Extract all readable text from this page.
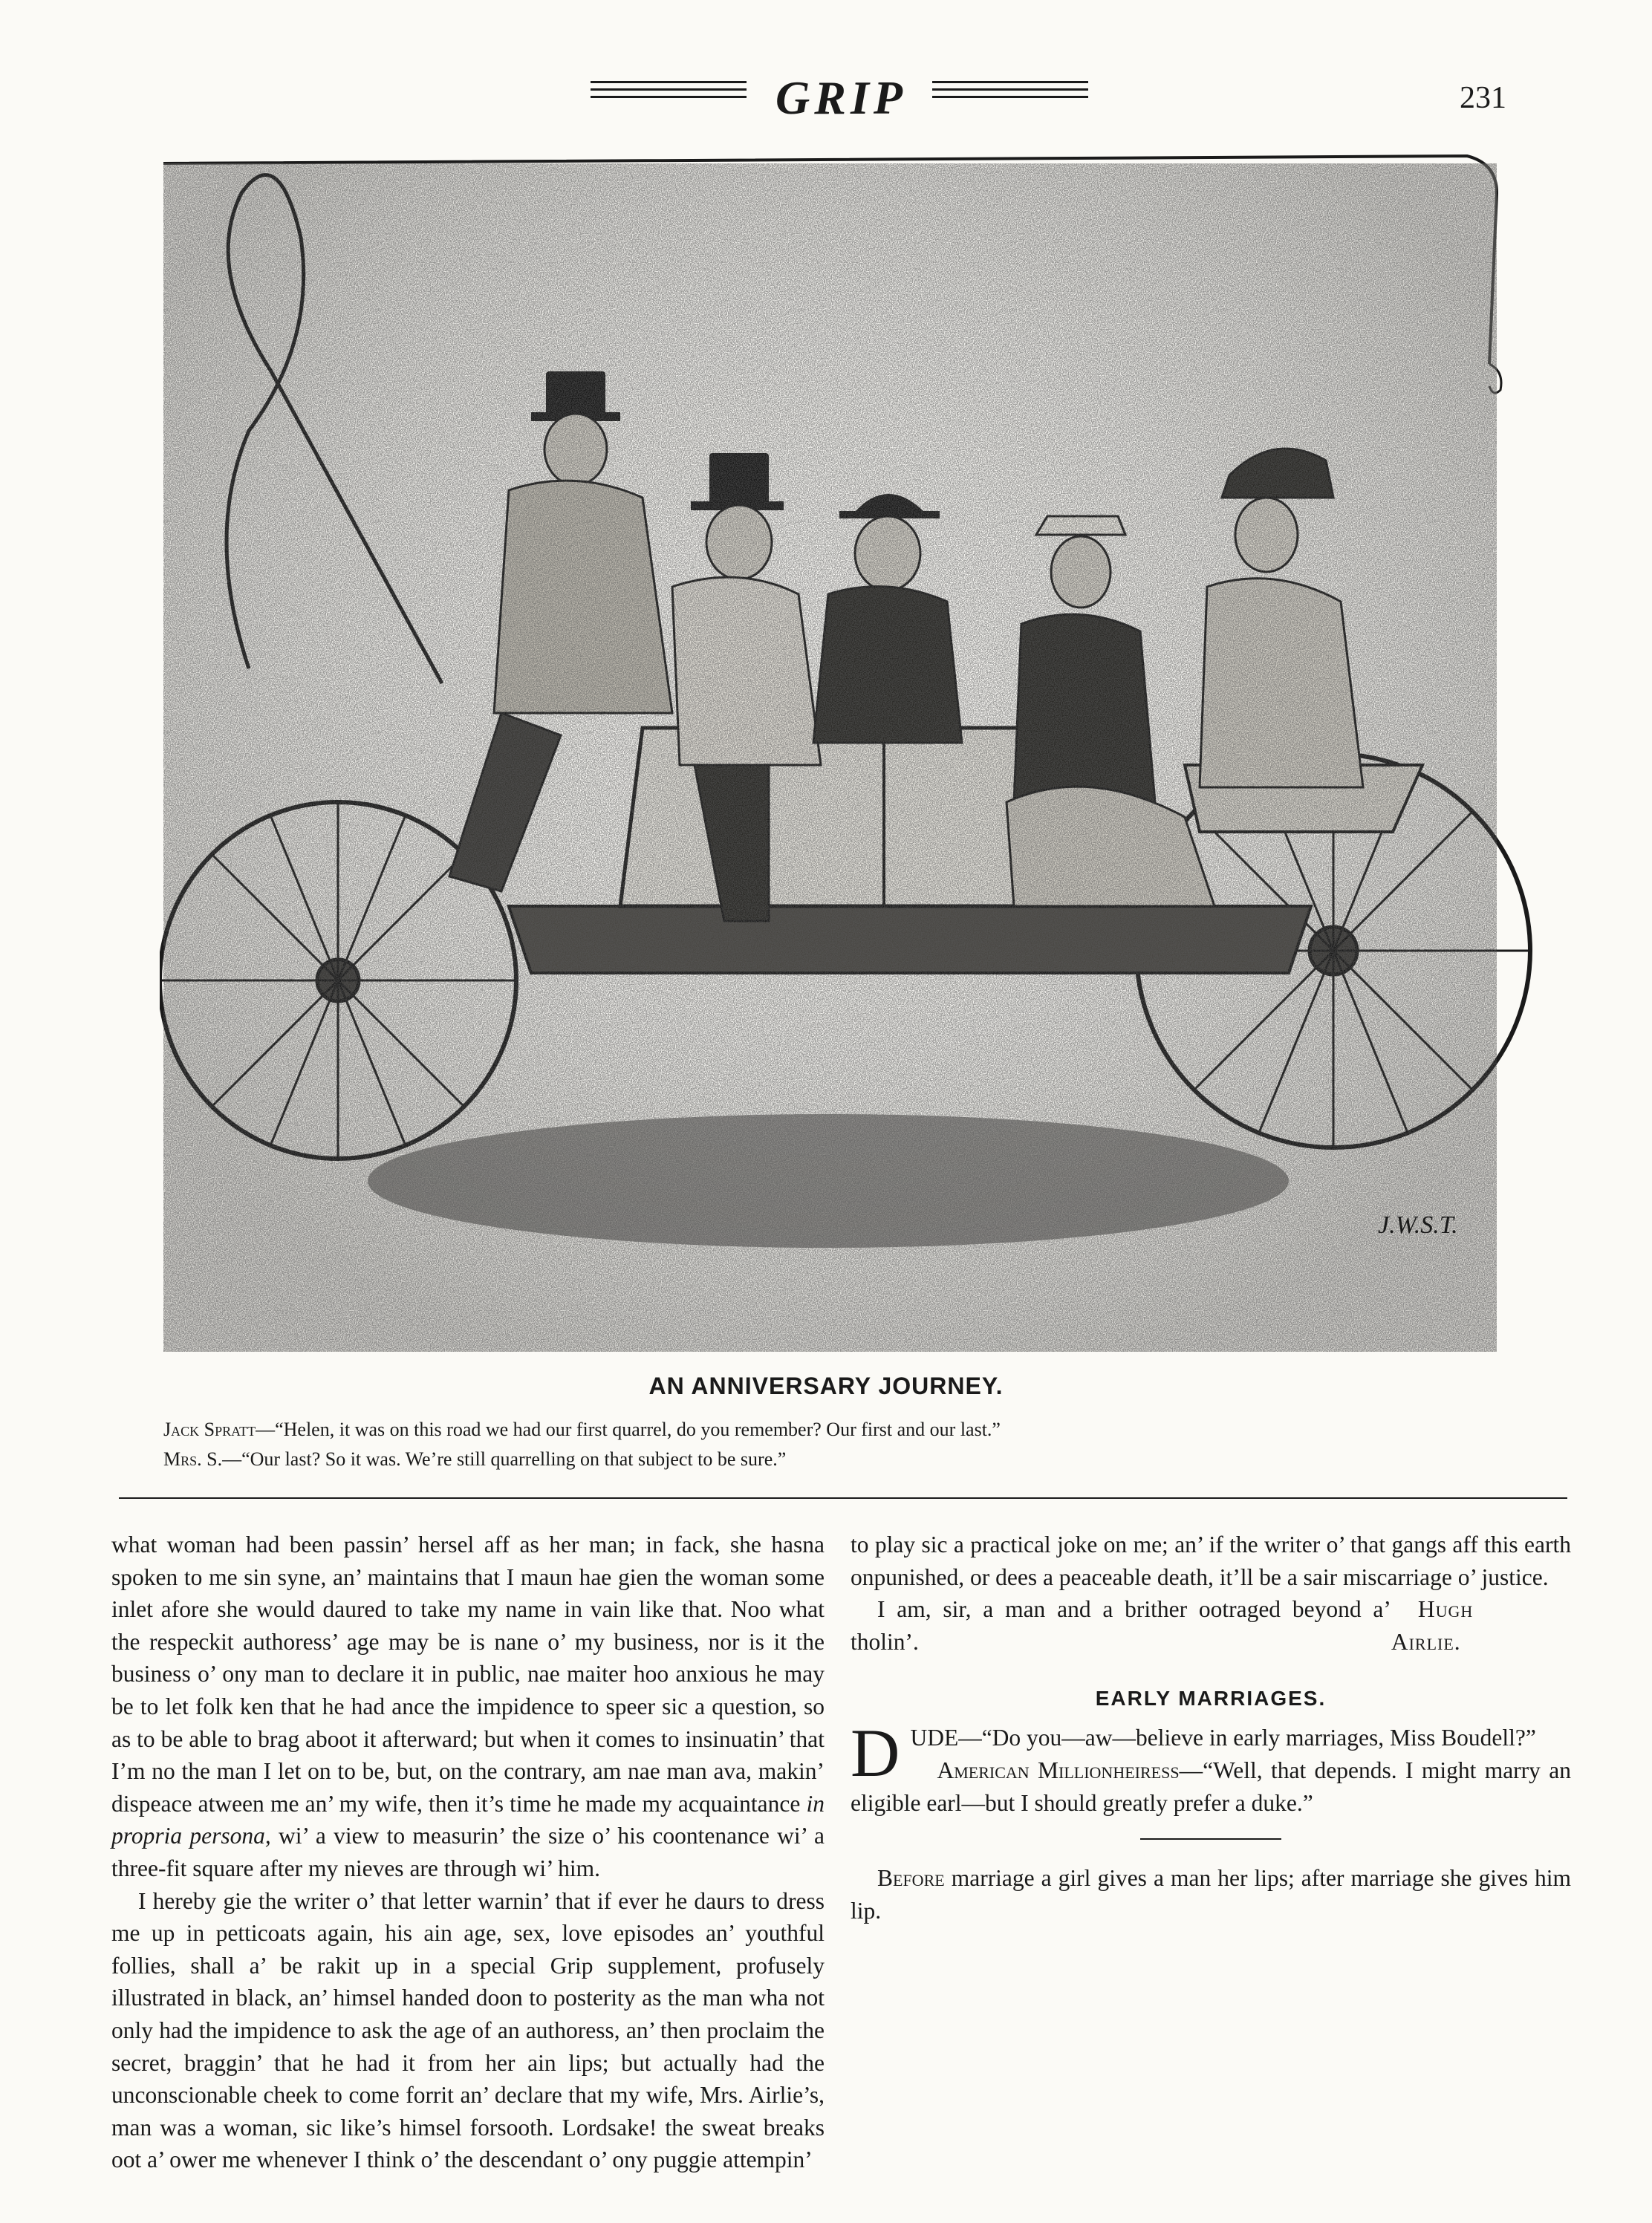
GRIP	231
J.W.S.T.
AN ANNIVERSARY JOURNEY.
Jack Spratt—“Helen, it was on this road we had our first quarrel, do you remember? Our first and our last.”
Mrs. S.—“Our last? So it was. We’re still quarrelling on that subject to be sure.”

what woman had been passin’ hersel aff as her man; in fack, she hasna spoken to me sin syne, an’ maintains that I maun hae gien the woman some inlet afore she would daured to take my name in vain like that. Noo what the respeckit authoress’ age may be is nane o’ my business, nor is it the business o’ ony man to declare it in public, nae maiter hoo anxious he may be to let folk ken that he had ance the impidence to speer sic a question, so as to be able to brag aboot it afterward; but when it comes to insinuatin’ that I’m no the man I let on to be, but, on the contrary, am nae man ava, makin’ dispeace atween me an’ my wife, then it’s time he made my acquaintance in propria persona, wi’ a view to measurin’ the size o’ his coontenance wi’ a three-fit square after my nieves are through wi’ him.

I hereby gie the writer o’ that letter warnin’ that if ever he daurs to dress me up in petticoats again, his ain age, sex, love episodes an’ youthful follies, shall a’ be rakit up in a special Grip supplement, profusely illustrated in black, an’ himsel handed doon to posterity as the man wha not only had the impidence to ask the age of an authoress, an’ then proclaim the secret, braggin’ that he had it from her ain lips; but actually had the unconscionable cheek to come forrit an’ declare that my wife, Mrs. Airlie’s, man was a woman, sic like’s himsel forsooth. Lordsake! the sweat breaks oot a’ ower me whenever I think o’ the descendant o’ ony puggie attempin’

to play sic a practical joke on me; an’ if the writer o’ that gangs aff this earth onpunished, or dees a peaceable death, it’ll be a sair miscarriage o’ justice.

I am, sir, a man and a brither ootraged beyond a’ tholin’.
Hugh Airlie.

EARLY MARRIAGES.

DUDE—“Do you—aw—believe in early marriages, Miss Boudell?”

American Millionheiress—“Well, that depends. I might marry an eligible earl—but I should greatly prefer a duke.”

Before marriage a girl gives a man her lips; after marriage she gives him lip.
